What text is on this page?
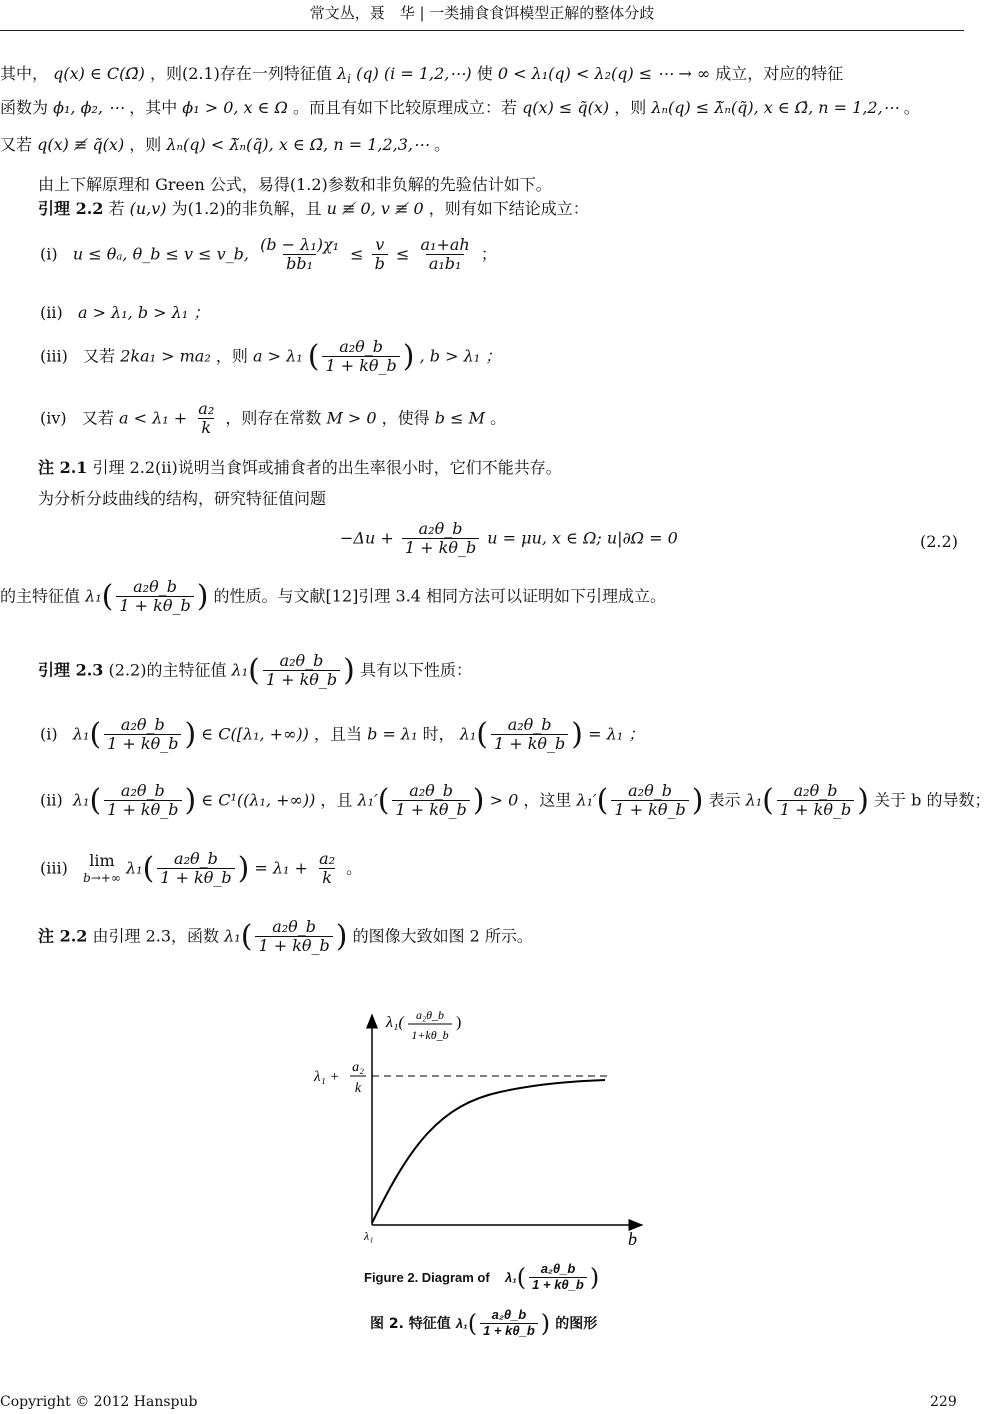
常文丛，聂　华 | 一类捕食食饵模型正解的整体分歧
其中， q(x) ∈ C(Ω̄) ，则(2.1)存在一列特征值 $\lambda_i$ (q) (i = 1,2,⋯) 使 0 < λ₁(q) < λ₂(q) ≤ ⋯ → ∞ 成立，对应的特征
函数为 ϕ₁, ϕ₂, ⋯ ，其中 ϕ₁ > 0, x ∈ Ω 。而且有如下比较原理成立：若 q(x) ≤ q̃(x) ，则 λₙ(q) ≤ λ̃ₙ(q̃), x ∈ Ω̄, n = 1,2,⋯ 。
又若 q(x) ≢ q̃(x) ，则 λₙ(q) < λ̃ₙ(q̃), x ∈ Ω̄, n = 1,2,3,⋯ 。
由上下解原理和 Green 公式，易得(1.2)参数和非负解的先验估计如下。
引理 2.2 若 (u,v) 为(1.2)的非负解，且 u ≢ 0, v ≢ 0 ，则有如下结论成立：
(i) u ≤ θₐ, θ_b ≤ v ≤ v_b, $\frac{\text{(b − λ₁)χ₁}}{\text{bb₁}} \le \frac{v}{b} \le \frac{\text{a₁+ah}}{\text{a₁b₁}}$ ；
(ii) a > λ₁, b > λ₁ ；
(iii) 又若 2ka₁ > ma₂ ，则 a > λ₁ ( $\frac{\text{a₂θ\_b}}{1 + k\theta\_b}$ ) , b > λ₁ ；
(iv) 又若 $a < \lambda_1 + \frac{\text{a₂}}{k}$ ，则存在常数 M > 0 ，使得 b ≤ M 。
注 2.1 引理 2.2(ii)说明当食饵或捕食者的出生率很小时，它们不能共存。
为分析分歧曲线的结构，研究特征值问题
$-\Delta u + \frac{\text{a₂θ\_b}}{1 + k\theta\_b}$ u = μu, x ∈ Ω; u|∂Ω = 0	(2.2)
的主特征值 $\lambda_1( \frac{\text{a₂θ\_b}}{1 + k\theta\_b}$ ) 的性质。与文献[12]引理 3.4 相同方法可以证明如下引理成立。
引理 2.3 (2.2)的主特征值 $\lambda_1( \frac{\text{a₂θ\_b}}{1 + k\theta\_b}$ ) 具有以下性质：
(i) $\lambda_1( \frac{\text{a₂θ\_b}}{1 + k\theta\_b}$ ) ∈ C([λ₁, +∞)) ，且当 b = λ₁ 时， $\lambda_1( \frac{\text{a₂θ\_b}}{1 + k\theta\_b}$ ) = λ₁ ；
(ii) $\lambda_1( \frac{\text{a₂θ\_b}}{1 + k\theta\_b}$ ) ∈ C¹((λ₁, +∞)) ，且 $\lambda_1'( \frac{\text{a₂θ\_b}}{1 + k\theta\_b}$ ) > 0 ，这里 $\lambda_1'( \frac{\text{a₂θ\_b}}{1 + k\theta\_b}$ ) 表示 $\lambda_1( \frac{\text{a₂θ\_b}}{1 + k\theta\_b}$ ) 关于 b 的导数；
(iii) lim
b→+∞
$\lambda_1( \frac{\text{a₂θ\_b}}{1 + k\theta\_b}$ ) = $\lambda_1 + \frac{\text{a₂}}{k}$ 。
注 2.2 由引理 2.3，函数 $\lambda_1( \frac{\text{a₂θ\_b}}{1 + k\theta\_b}$ ) 的图像大致如图 2 所示。
λ₁( a₂θ_b
1+kθ_b
)
λ₁ +
a₂
k
λ₁	b
Figure 2. Diagram of $\lambda_1( \frac{\text{a₂θ\_b}}{1 + k\theta\_b}$ )
图 2. 特征值 $\lambda_1( \frac{\text{a₂θ\_b}}{1 + k\theta\_b}$ ) 的图形
Copyright © 2012 Hanspub	229
